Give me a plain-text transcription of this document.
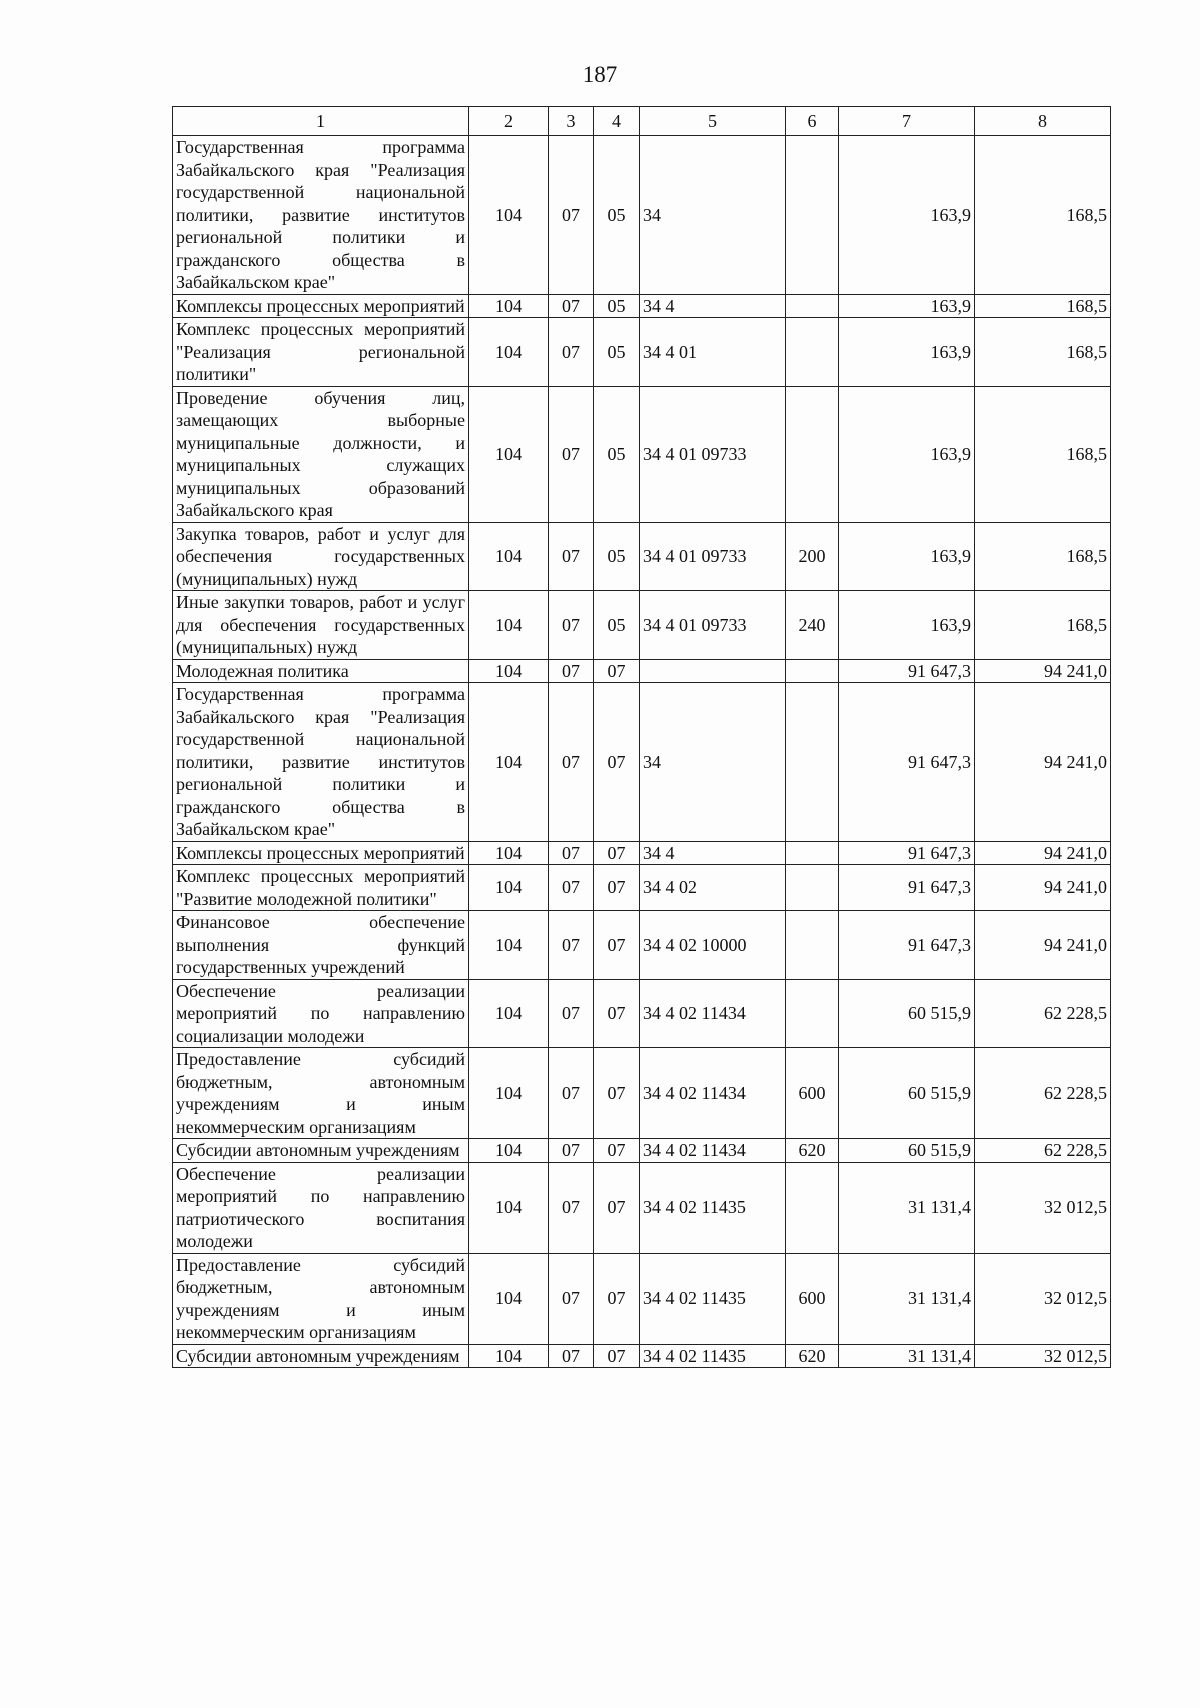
187
1	2	3	4	5	6	7	8
Государственная программа Забайкальского края "Реализация государственной национальной политики, развитие институтов региональной политики и гражданского общества в Забайкальском крае"	104	07	05	34		163,9	168,5
Комплексы процессных мероприятий	104	07	05	34 4		163,9	168,5
Комплекс процессных мероприятий "Реализация региональной политики"	104	07	05	34 4 01		163,9	168,5
Проведение обучения лиц, замещающих выборные муниципальные должности, и муниципальных служащих муниципальных образований Забайкальского края	104	07	05	34 4 01 09733		163,9	168,5
Закупка товаров, работ и услуг для обеспечения государственных (муниципальных) нужд	104	07	05	34 4 01 09733	200	163,9	168,5
Иные закупки товаров, работ и услуг для обеспечения государственных (муниципальных) нужд	104	07	05	34 4 01 09733	240	163,9	168,5
Молодежная политика	104	07	07			91 647,3	94 241,0
Государственная программа Забайкальского края "Реализация государственной национальной политики, развитие институтов региональной политики и гражданского общества в Забайкальском крае"	104	07	07	34		91 647,3	94 241,0
Комплексы процессных мероприятий	104	07	07	34 4		91 647,3	94 241,0
Комплекс процессных мероприятий "Развитие молодежной политики"	104	07	07	34 4 02		91 647,3	94 241,0
Финансовое обеспечение выполнения функций государственных учреждений	104	07	07	34 4 02 10000		91 647,3	94 241,0
Обеспечение реализации мероприятий по направлению социализации молодежи	104	07	07	34 4 02 11434		60 515,9	62 228,5
Предоставление субсидий бюджетным, автономным учреждениям и иным некоммерческим организациям	104	07	07	34 4 02 11434	600	60 515,9	62 228,5
Субсидии автономным учреждениям	104	07	07	34 4 02 11434	620	60 515,9	62 228,5
Обеспечение реализации мероприятий по направлению патриотического воспитания молодежи	104	07	07	34 4 02 11435		31 131,4	32 012,5
Предоставление субсидий бюджетным, автономным учреждениям и иным некоммерческим организациям	104	07	07	34 4 02 11435	600	31 131,4	32 012,5
Субсидии автономным учреждениям	104	07	07	34 4 02 11435	620	31 131,4	32 012,5
